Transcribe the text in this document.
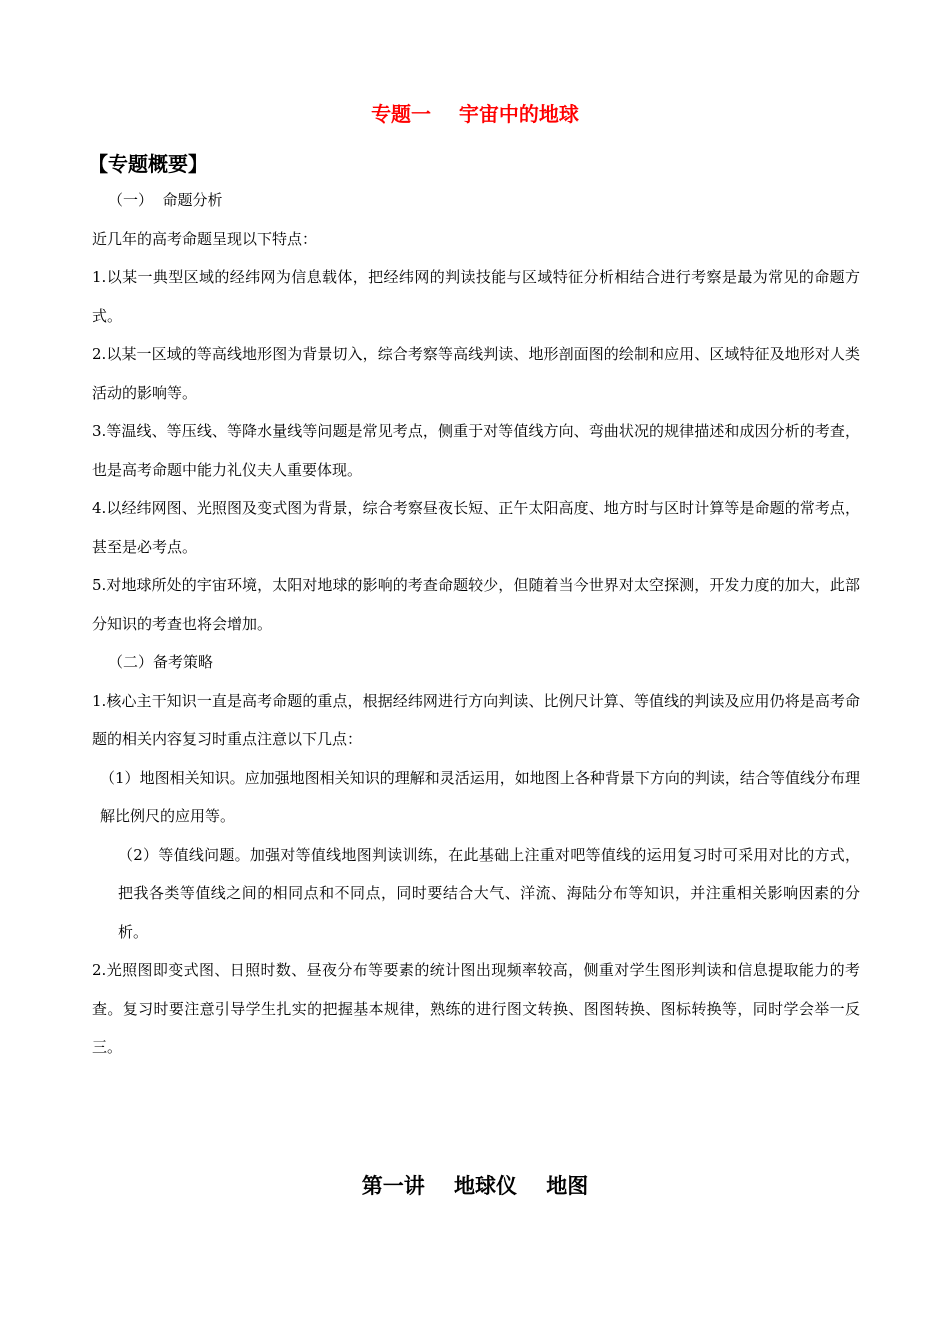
专题一    宇宙中的地球
【专题概要】

（一）  命题分析

近几年的高考命题呈现以下特点：

1.以某一典型区域的经纬网为信息载体，把经纬网的判读技能与区域特征分析相结合进行考察是最为常见的命题方式。

2.以某一区域的等高线地形图为背景切入，综合考察等高线判读、地形剖面图的绘制和应用、区域特征及地形对人类活动的影响等。

3.等温线、等压线、等降水量线等问题是常见考点，侧重于对等值线方向、弯曲状况的规律描述和成因分析的考查，也是高考命题中能力礼仪夫人重要体现。

4.以经纬网图、光照图及变式图为背景，综合考察昼夜长短、正午太阳高度、地方时与区时计算等是命题的常考点，甚至是必考点。

5.对地球所处的宇宙环境，太阳对地球的影响的考查命题较少，但随着当今世界对太空探测，开发力度的加大，此部分知识的考查也将会增加。

（二）备考策略

1.核心主干知识一直是高考命题的重点，根据经纬网进行方向判读、比例尺计算、等值线的判读及应用仍将是高考命题的相关内容复习时重点注意以下几点：

（1）地图相关知识。应加强地图相关知识的理解和灵活运用，如地图上各种背景下方向的判读，结合等值线分布理解比例尺的应用等。

（2）等值线问题。加强对等值线地图判读训练，在此基础上注重对吧等值线的运用复习时可采用对比的方式，把我各类等值线之间的相同点和不同点，同时要结合大气、洋流、海陆分布等知识，并注重相关影响因素的分析。

2.光照图即变式图、日照时数、昼夜分布等要素的统计图出现频率较高，侧重对学生图形判读和信息提取能力的考查。复习时要注意引导学生扎实的把握基本规律，熟练的进行图文转换、图图转换、图标转换等，同时学会举一反三。

第一讲    地球仪    地图
